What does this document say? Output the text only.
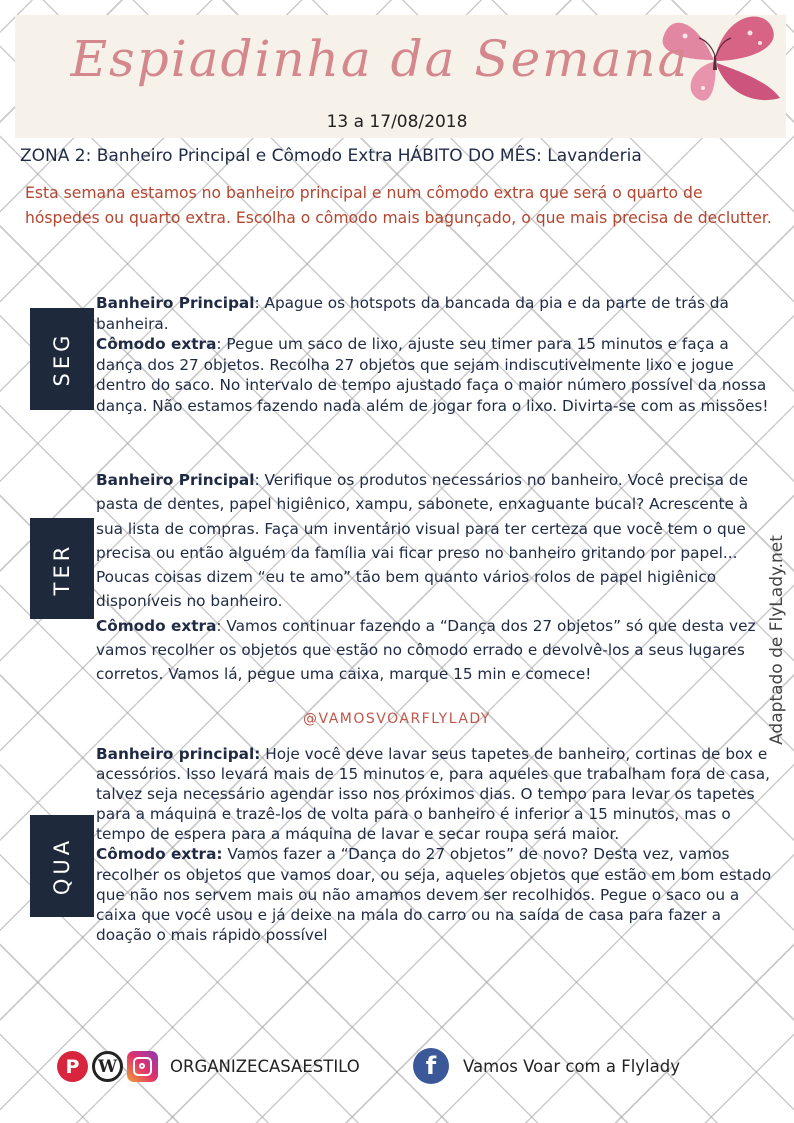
Espiadinha da Semana
13 a 17/08/2018
ZONA 2: Banheiro Principal e Cômodo Extra HÁBITO DO MÊS: Lavanderia
Esta semana estamos no banheiro principal e num cômodo extra que será o quarto de hóspedes ou quarto extra. Escolha o cômodo mais bagunçado, o que mais precisa de declutter.
SEG

Banheiro Principal: Apague os hotspots da bancada da pia e da parte de trás da banheira.

Cômodo extra: Pegue um saco de lixo, ajuste seu timer para 15 minutos e faça a dança dos 27 objetos. Recolha 27 objetos que sejam indiscutivelmente lixo e jogue dentro do saco. No intervalo de tempo ajustado faça o maior número possível da nossa dança. Não estamos fazendo nada além de jogar fora o lixo. Divirta-se com as missões!

TER

Banheiro Principal: Verifique os produtos necessários no banheiro. Você precisa de pasta de dentes, papel higiênico, xampu, sabonete, enxaguante bucal? Acrescente à sua lista de compras. Faça um inventário visual para ter certeza que você tem o que precisa ou então alguém da família vai ficar preso no banheiro gritando por papel... Poucas coisas dizem “eu te amo” tão bem quanto vários rolos de papel higiênico disponíveis no banheiro.

Cômodo extra: Vamos continuar fazendo a “Dança dos 27 objetos” só que desta vez vamos recolher os objetos que estão no cômodo errado e devolvê-los a seus lugares corretos. Vamos lá, pegue uma caixa, marque 15 min e comece!

@VAMOSVOARFLYLADY
QUA

Banheiro principal: Hoje você deve lavar seus tapetes de banheiro, cortinas de box e acessórios. Isso levará mais de 15 minutos e, para aqueles que trabalham fora de casa, talvez seja necessário agendar isso nos próximos dias. O tempo para levar os tapetes para a máquina e trazê-los de volta para o banheiro é inferior a 15 minutos, mas o tempo de espera para a máquina de lavar e secar roupa será maior.

Cômodo extra: Vamos fazer a “Dança do 27 objetos” de novo? Desta vez, vamos recolher os objetos que vamos doar, ou seja, aqueles objetos que estão em bom estado que não nos servem mais ou não amamos devem ser recolhidos. Pegue o saco ou a caixa que você usou e já deixe na mala do carro ou na saída de casa para fazer a doação o mais rápido possível

Adaptado de FlyLady.net
P	W	ORGANIZECASAESTILO	f	Vamos Voar com a Flylady
